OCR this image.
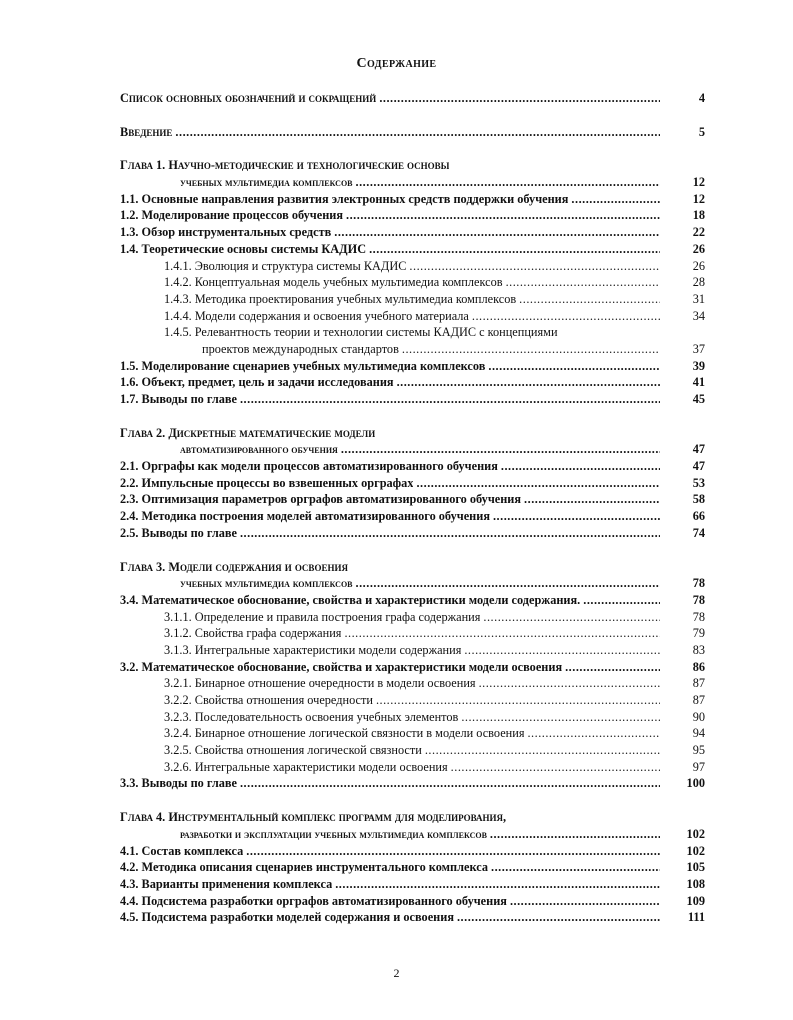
Содержание
Список основных обозначений и сокращений .....	4
Введение .....	5
Глава 1. Научно-методические и технологические основы
учебных мультимедиа комплексов .....	12
1.1. Основные направления развития электронных средств поддержки обучения .....	12
1.2. Моделирование процессов обучения .....	18
1.3. Обзор инструментальных средств .....	22
1.4. Теоретические основы системы КАДИС .....	26
1.4.1. Эволюция и структура системы КАДИС .....	26
1.4.2. Концептуальная модель учебных мультимедиа комплексов .....	28
1.4.3. Методика проектирования учебных мультимедиа комплексов .....	31
1.4.4. Модели содержания и освоения учебного материала .....	34
1.4.5. Релевантность теории и технологии системы КАДИС с концепциями
проектов международных стандартов .....	37
1.5. Моделирование сценариев учебных мультимедиа комплексов .....	39
1.6. Объект, предмет, цель и задачи исследования .....	41
1.7. Выводы по главе .....	45
Глава 2. Дискретные математические модели
автоматизированного обучения .....	47
2.1. Орграфы как модели процессов автоматизированного обучения .....	47
2.2. Импульсные процессы во взвешенных орграфах .....	53
2.3. Оптимизация параметров орграфов автоматизированного обучения .....	58
2.4. Методика построения моделей автоматизированного обучения .....	66
2.5. Выводы по главе .....	74
Глава 3. Модели содержания и освоения
учебных мультимедиа комплексов .....	78
3.4. Математическое обоснование, свойства и характеристики модели содержания. .....	78
3.1.1. Определение и правила построения графа содержания .....	78
3.1.2. Свойства графа содержания .....	79
3.1.3. Интегральные характеристики модели содержания .....	83
3.2. Математическое обоснование, свойства и характеристики модели освоения .....	86
3.2.1. Бинарное отношение очередности в модели освоения .....	87
3.2.2. Свойства отношения очередности .....	87
3.2.3. Последовательность освоения учебных элементов .....	90
3.2.4. Бинарное отношение логической связности в модели освоения .....	94
3.2.5. Свойства отношения логической связности .....	95
3.2.6. Интегральные характеристики модели освоения .....	97
3.3. Выводы по главе .....	100
Глава 4. Инструментальный комплекс программ для моделирования,
разработки и эксплуатации учебных мультимедиа комплексов .....	102
4.1. Состав комплекса .....	102
4.2. Методика описания сценариев инструментального комплекса .....	105
4.3. Варианты применения комплекса .....	108
4.4. Подсистема разработки орграфов автоматизированного обучения .....	109
4.5. Подсистема разработки моделей содержания и освоения .....	111
2
